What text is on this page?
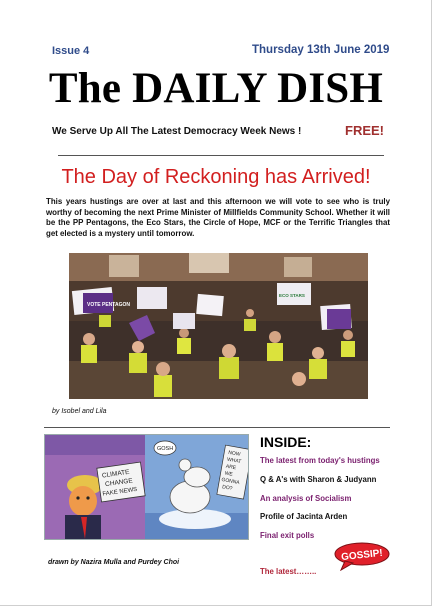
Issue 4	Thursday 13th June 2019
The DAILY DISH
We Serve Up All The Latest Democracy Week News !	FREE!
The Day of Reckoning has Arrived!
This years hustings are over at last and this afternoon we will vote to see who is truly worthy of becoming the next Prime Minister of Millfields Community School. Whether it will be the PP Pentagons, the Eco Stars, the Circle of Hope, MCF or the Terrific Triangles that get elected is a mystery until tomorrow.
VOTE PENTAGON
ECO STARS
by Isobel and Lila
CLIMATE
CHANGE
FAKE NEWS
GOSH
NOW
WHAT
ARE
WE
GONNA
DO?
drawn by Nazira Mulla and Purdey Choi
INSIDE:
The latest from today's hustings
Q & A's with Sharon & Judyann
An analysis of Socialism
Profile of Jacinta Arden
Final exit polls
The latest……..
GOSSIP!
